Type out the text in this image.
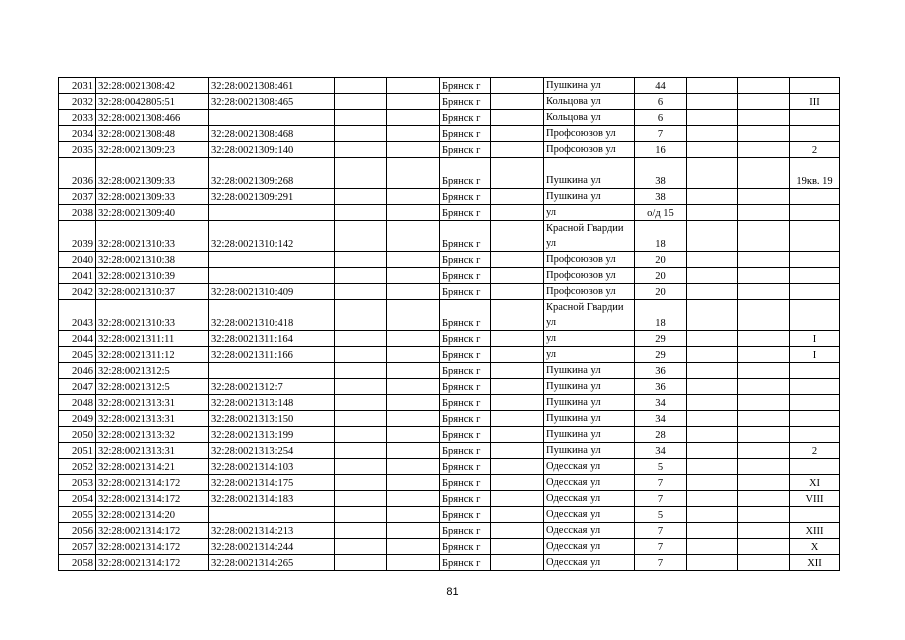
2031	32:28:0021308:42	32:28:0021308:461			Брянск г		Пушкина ул	44			
2032	32:28:0042805:51	32:28:0021308:465			Брянск г		Кольцова ул	6			III
2033	32:28:0021308:466				Брянск г		Кольцова ул	6			
2034	32:28:0021308:48	32:28:0021308:468			Брянск г		Профсоюзов ул	7			
2035	32:28:0021309:23	32:28:0021309:140			Брянск г		Профсоюзов ул	16			2
2036	32:28:0021309:33	32:28:0021309:268			Брянск г		Пушкина ул	38			19кв. 19
2037	32:28:0021309:33	32:28:0021309:291			Брянск г		Пушкина ул	38			
2038	32:28:0021309:40				Брянск г		ул	о/д 15			
2039	32:28:0021310:33	32:28:0021310:142			Брянск г		Красной Гвардии ул	18			
2040	32:28:0021310:38				Брянск г		Профсоюзов ул	20			
2041	32:28:0021310:39				Брянск г		Профсоюзов ул	20			
2042	32:28:0021310:37	32:28:0021310:409			Брянск г		Профсоюзов ул	20			
2043	32:28:0021310:33	32:28:0021310:418			Брянск г		Красной Гвардии ул	18			
2044	32:28:0021311:11	32:28:0021311:164			Брянск г		ул	29			I
2045	32:28:0021311:12	32:28:0021311:166			Брянск г		ул	29			I
2046	32:28:0021312:5				Брянск г		Пушкина ул	36			
2047	32:28:0021312:5	32:28:0021312:7			Брянск г		Пушкина ул	36			
2048	32:28:0021313:31	32:28:0021313:148			Брянск г		Пушкина ул	34			
2049	32:28:0021313:31	32:28:0021313:150			Брянск г		Пушкина ул	34			
2050	32:28:0021313:32	32:28:0021313:199			Брянск г		Пушкина ул	28			
2051	32:28:0021313:31	32:28:0021313:254			Брянск г		Пушкина ул	34			2
2052	32:28:0021314:21	32:28:0021314:103			Брянск г		Одесская ул	5			
2053	32:28:0021314:172	32:28:0021314:175			Брянск г		Одесская ул	7			XI
2054	32:28:0021314:172	32:28:0021314:183			Брянск г		Одесская ул	7			VIII
2055	32:28:0021314:20				Брянск г		Одесская ул	5			
2056	32:28:0021314:172	32:28:0021314:213			Брянск г		Одесская ул	7			XIII
2057	32:28:0021314:172	32:28:0021314:244			Брянск г		Одесская ул	7			X
2058	32:28:0021314:172	32:28:0021314:265			Брянск г		Одесская ул	7			XII
81
